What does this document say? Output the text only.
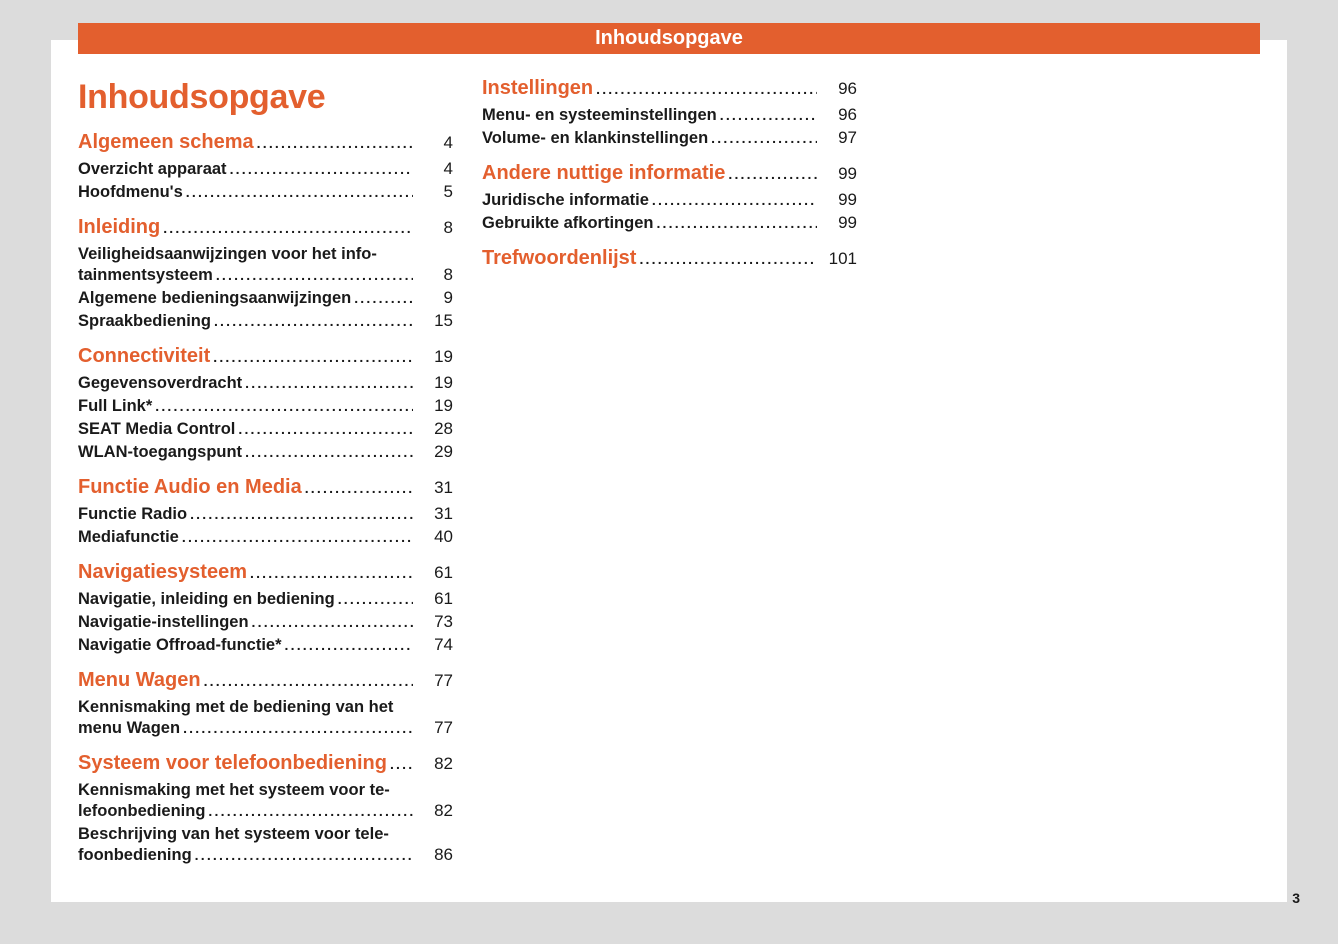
Inhoudsopgave
Inhoudsopgave
Algemeen schema .....	4
Overzicht apparaat .....	4
Hoofdmenu's .....	5
Inleiding .....	8
Veiligheidsaanwijzingen voor het info-
tainmentsysteem .....	8
Algemene bedieningsaanwijzingen .....	9
Spraakbediening .....	15
Connectiviteit .....	19
Gegevensoverdracht .....	19
Full Link* .....	19
SEAT Media Control .....	28
WLAN-toegangspunt .....	29
Functie Audio en Media .....	31
Functie Radio .....	31
Mediafunctie .....	40
Navigatiesysteem .....	61
Navigatie, inleiding en bediening .....	61
Navigatie-instellingen .....	73
Navigatie Offroad-functie* .....	74
Menu Wagen .....	77
Kennismaking met de bediening van het
menu Wagen .....	77
Systeem voor telefoonbediening .....	82
Kennismaking met het systeem voor te-
lefoonbediening .....	82
Beschrijving van het systeem voor tele-
foonbediening .....	86
Instellingen .....	96
Menu- en systeeminstellingen .....	96
Volume- en klankinstellingen .....	97
Andere nuttige informatie .....	99
Juridische informatie .....	99
Gebruikte afkortingen .....	99
Trefwoordenlijst .....	101
3
